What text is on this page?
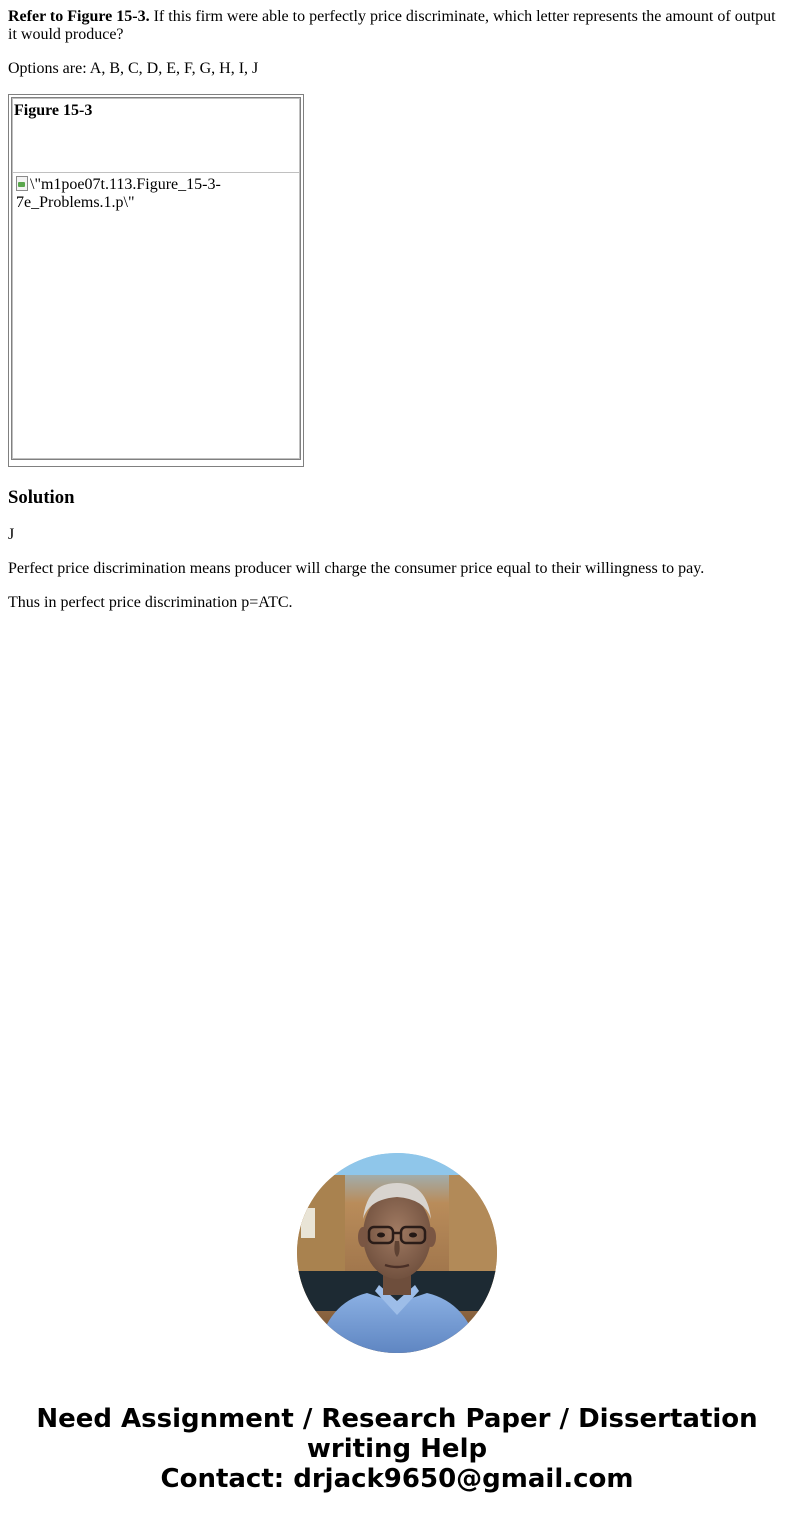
Refer to Figure 15-3. If this firm were able to perfectly price discriminate, which letter represents the amount of output it would produce?

Options are: A, B, C, D, E, F, G, H, I, J

Figure 15-3
\"m1poe07t.113.Figure_15-3-7e_Problems.1.p\"
Solution

J

Perfect price discrimination means producer will charge the consumer price equal to their willingness to pay.

Thus in perfect price discrimination p=ATC.

Need Assignment / Research Paper / Dissertation
writing Help
Contact: drjack9650@gmail.com
